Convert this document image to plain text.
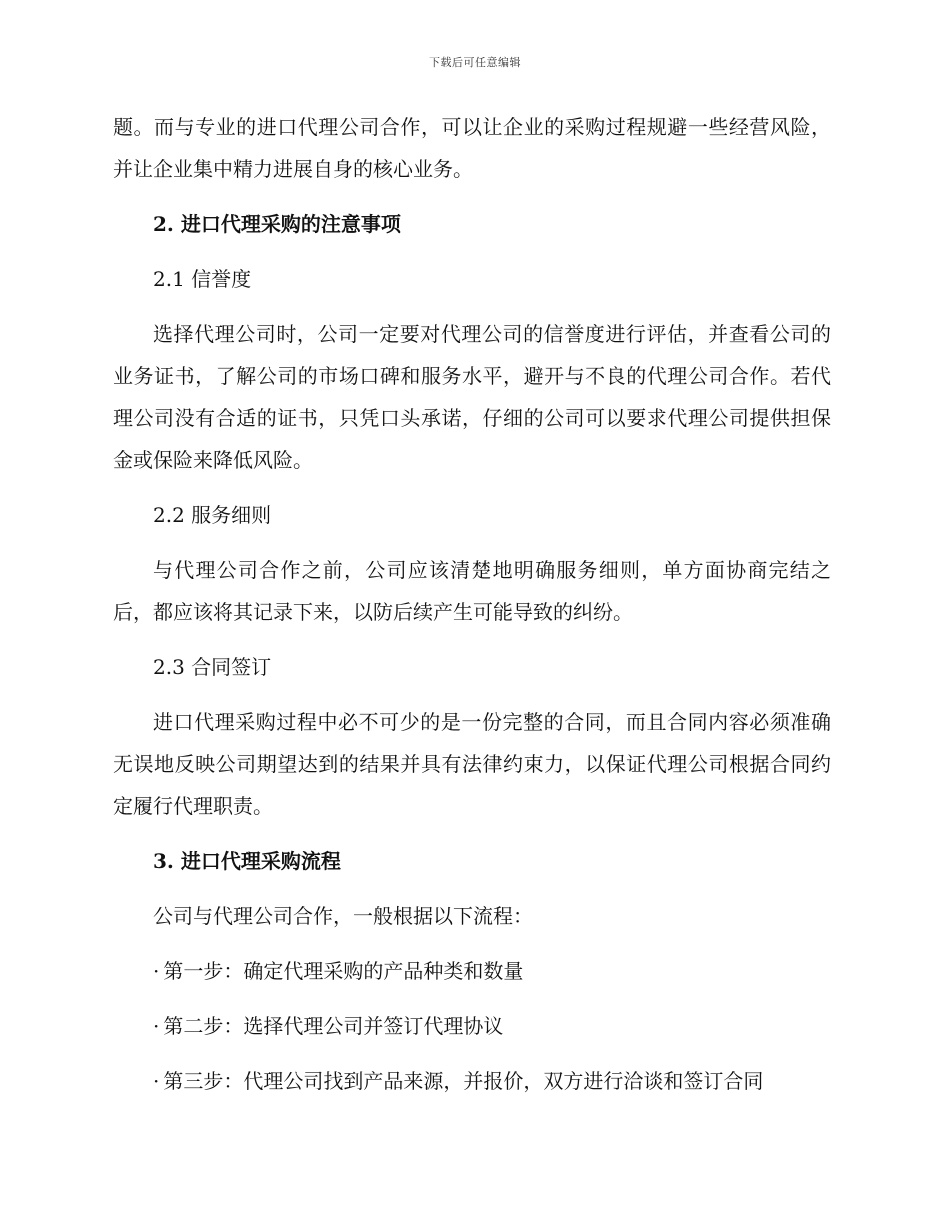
下载后可任意编辑

题。而与专业的进口代理公司合作，可以让企业的采购过程规避一些经营风险，并让企业集中精力进展自身的核心业务。

2. 进口代理采购的注意事项

2.1 信誉度

选择代理公司时，公司一定要对代理公司的信誉度进行评估，并查看公司的业务证书，了解公司的市场口碑和服务水平，避开与不良的代理公司合作。若代理公司没有合适的证书，只凭口头承诺，仔细的公司可以要求代理公司提供担保金或保险来降低风险。

2.2 服务细则

与代理公司合作之前，公司应该清楚地明确服务细则，单方面协商完结之后，都应该将其记录下来，以防后续产生可能导致的纠纷。

2.3 合同签订

进口代理采购过程中必不可少的是一份完整的合同，而且合同内容必须准确无误地反映公司期望达到的结果并具有法律约束力，以保证代理公司根据合同约定履行代理职责。

3. 进口代理采购流程

公司与代理公司合作，一般根据以下流程：

· 第一步：确定代理采购的产品种类和数量

· 第二步：选择代理公司并签订代理协议

· 第三步：代理公司找到产品来源，并报价，双方进行洽谈和签订合同
